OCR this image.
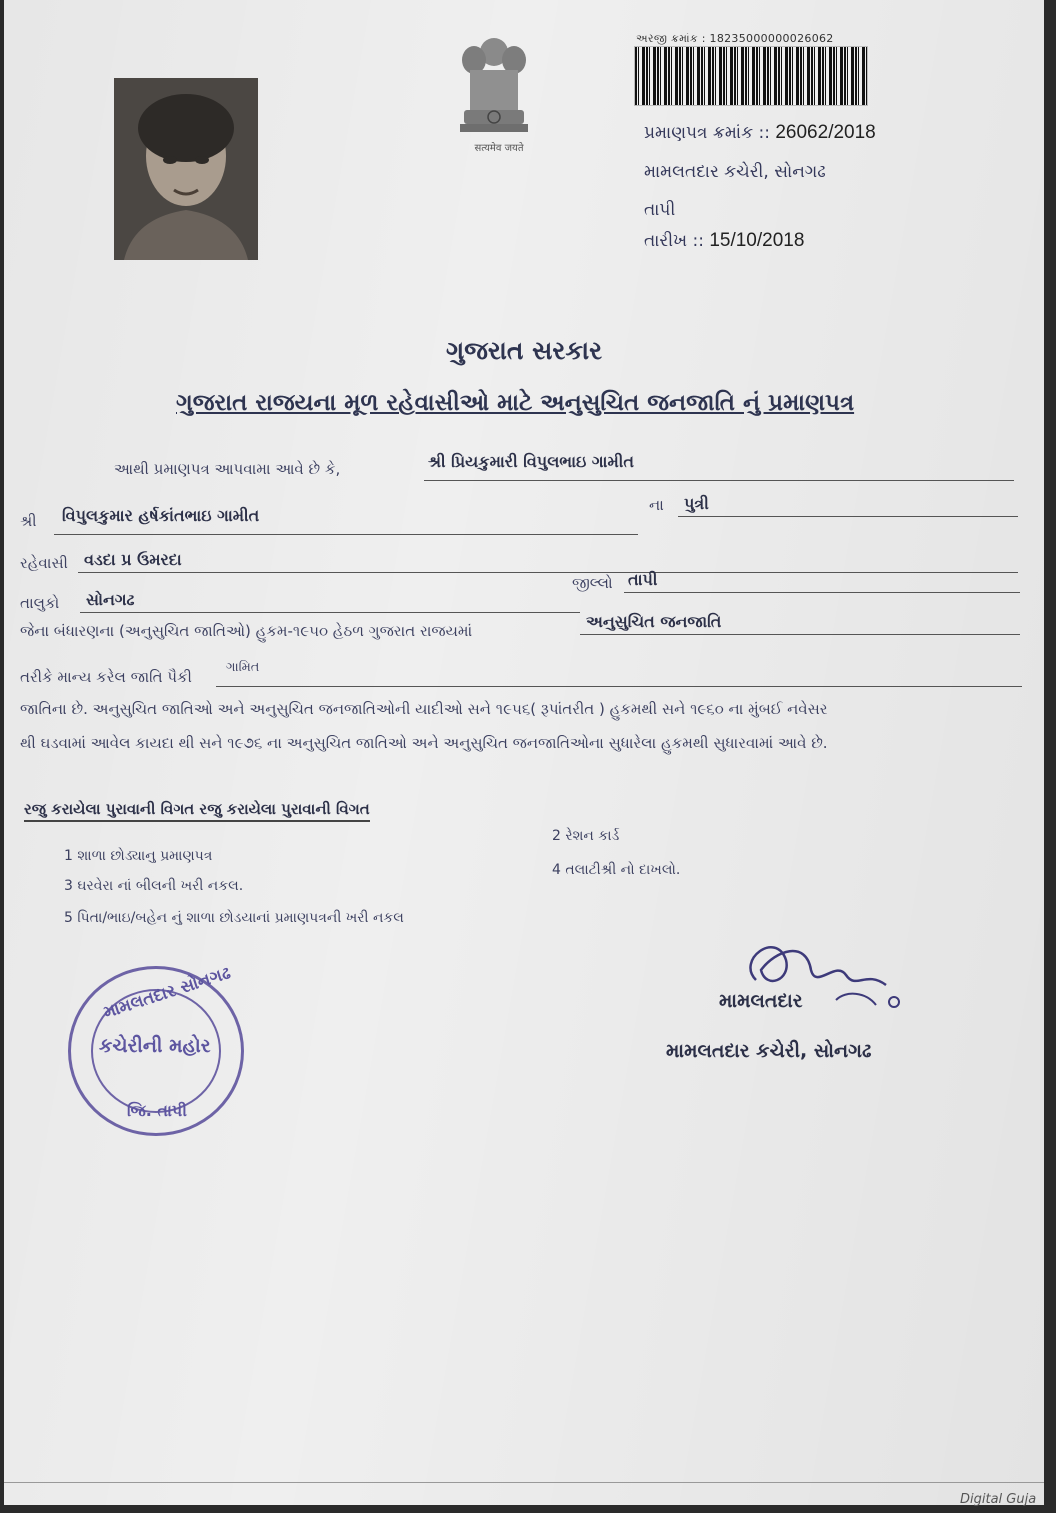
सत्यमेव जयते
અરજી ક્રમાંક : 18235000000026062
પ્રમાણપત્ર ક્રમાંક :: 26062/2018
મામલતદાર કચેરી, સોનગઢ
તાપી
તારીખ :: 15/10/2018
ગુજરાત સરકાર
ગુજરાત રાજયના મૂળ રહેવાસીઓ માટે અનુસુચિત જનજાતિ નું પ્રમાણપત્ર
આથી પ્રમાણપત્ર આપવામા આવે છે કે,	શ્રી પ્રિયકુમારી વિપુલભાઇ ગામીત
શ્રી વિપુલકુમાર હર્ષકાંતભાઇ ગામીત
ના પુત્રી
રહેવાસી વડદા પ્ર ઉમરદા
તાલુકો સોનગઢ
જીલ્લો તાપી
જેના બંધારણના (અનુસુચિત જાતિઓ) હુકમ-૧૯૫૦ હેઠળ ગુજરાત રાજયમાં	અનુસુચિત જનજાતિ
તરીકે માન્ય કરેલ જાતિ પૈકી
ગામિત
જાતિના છે. અનુસુચિત જાતિઓ અને અનુસુચિત જનજાતિઓની યાદીઓ સને ૧૯૫૬( રૂપાંતરીત ) હુકમથી સને ૧૯૬૦ ના મુંબઈ નવેસર
થી ઘડવામાં આવેલ કાયદા થી સને ૧૯૭૬ ના અનુસુચિત જાતિઓ અને અનુસુચિત જનજાતિઓના સુધારેલા હુકમથી સુધારવામાં આવે છે.
રજુ કરાયેલા પુરાવાની વિગત રજુ કરાયેલા પુરાવાની વિગત
1 શાળા છોડ્યાનુ પ્રમાણપત્ર
2 રેશન કાર્ડ
3 ઘરવેરા નાં બીલની ખરી નકલ.
4 તલાટીશ્રી નો દાખલો.
5 પિતા/ભાઇ/બહેન નું શાળા છોડયાનાં પ્રમાણપત્રની ખરી નકલ
મામલતદાર સોનગઢ
કચેરીની મહોર
જિ. તાપી
મામલતદાર
મામલતદાર કચેરી, સોનગઢ
Digital Guja
